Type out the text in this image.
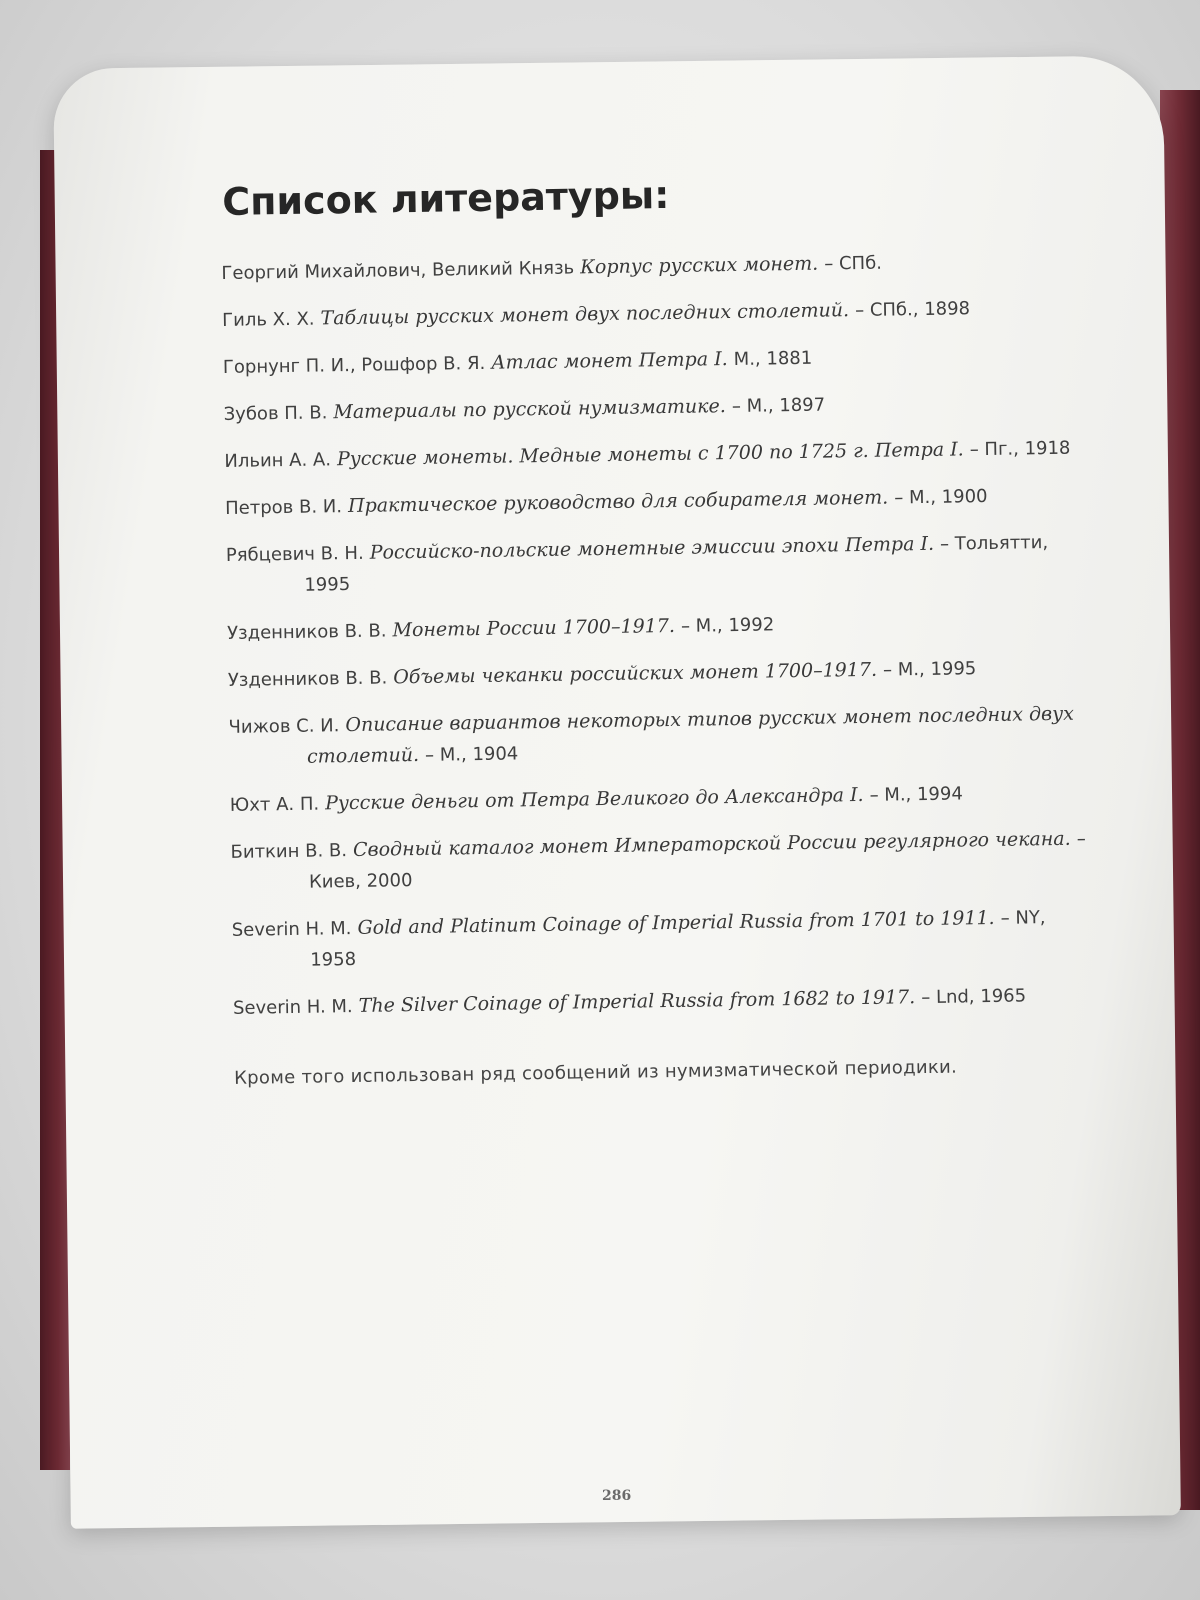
Список литературы:
Георгий Михайлович, Великий Князь Корпус русских монет. – СПб.
Гиль Х. Х. Таблицы русских монет двух последних столетий. – СПб., 1898
Горнунг П. И., Рошфор В. Я. Атлас монет Петра I. М., 1881
Зубов П. В. Материалы по русской нумизматике. – М., 1897
Ильин А. А. Русские монеты. Медные монеты с 1700 по 1725 г. Петра I. – Пг., 1918
Петров В. И. Практическое руководство для собирателя монет. – М., 1900
Рябцевич В. Н. Российско-польские монетные эмиссии эпохи Петра I. – Тольятти, 1995
Узденников В. В. Монеты России 1700–1917. – М., 1992
Узденников В. В. Объемы чеканки российских монет 1700–1917. – М., 1995
Чижов С. И. Описание вариантов некоторых типов русских монет последних двух столетий. – М., 1904
Юхт А. П. Русские деньги от Петра Великого до Александра I. – М., 1994
Биткин В. В. Сводный каталог монет Императорской России регулярного чекана. – Киев, 2000
Severin H. M. Gold and Platinum Coinage of Imperial Russia from 1701 to 1911. – NY, 1958
Severin H. M. The Silver Coinage of Imperial Russia from 1682 to 1917. – Lnd, 1965

Кроме того использован ряд сообщений из нумизматической периодики.

286
